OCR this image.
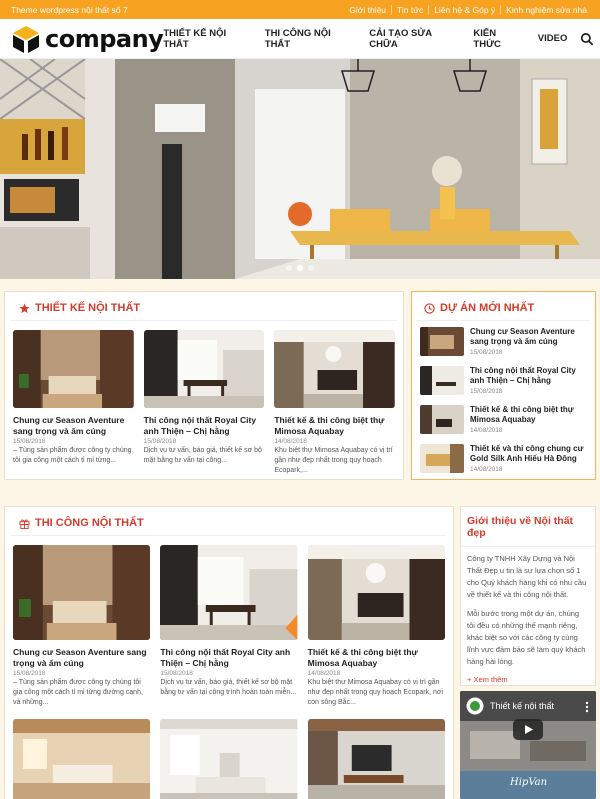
Theme wordpress nội thất số 7	Giới thiệu	Tin tức	Liên hệ & Góp ý	Kinh nghiệm sửa nhà
company THIẾT KẾ NỘI THẤT
THI CÔNG NỘI THẤT
CẢI TẠO SỬA CHỮA
KIẾN THỨC	VIDEO
THIẾT KẾ NỘI THẤT
Chung cư Season Aventure sang trọng và ấm cúng
15/08/2018

– Tùng sản phẩm được công ty chúng tôi gia công một cách tỉ mỉ từng...

Thi công nội thất Royal City anh Thiện – Chị hằng
15/08/2018

Dịch vụ tư vấn, báo giá, thiết kế sơ bộ mặt bằng tư vấn tại công...

Thiết kế & thi công biệt thự Mimosa Aquabay
14/08/2018

Khu biệt thự Mimosa Aquabay có vị trí gần như đẹp nhất trong quy hoạch Ecopark,...

DỰ ÁN MỚI NHẤT
Chung cư Season Aventure sang trọng và ấm cúng
15/08/2018
Thi công nội thất Royal City anh Thiện – Chị hằng
15/08/2018
Thiết kế & thi công biệt thự Mimosa Aquabay
14/08/2018
Thiết kế và thi công chung cư Gold Silk Anh Hiếu Hà Đông
14/08/2018
THI CÔNG NỘI THẤT
Chung cư Season Aventure sang trọng và ấm cúng
15/08/2018

– Tùng sản phẩm được công ty chúng tôi gia công một cách tỉ mỉ từng đường cạnh, và những...

Thi công nội thất Royal City anh Thiện – Chị hằng
15/08/2018

Dịch vụ tư vấn, báo giá, thiết kế sơ bộ mặt bằng tư vấn tại công trình hoàn toàn miễn...

Thiết kế & thi công biệt thự Mimosa Aquabay
14/08/2018

Khu biệt thự Mimosa Aquabay có vị trí gần như đẹp nhất trong quy hoạch Ecopark, nơi con sông Bắc...

Giới thiệu về Nội thất đẹp

Công ty TNHH Xây Dựng và Nội Thất Đẹp u tin là sự lựa chọn số 1 cho Quý khách hàng khi có nhu cầu về thiết kế và thi công nội thất.

Mỗi bước trong một dự án, chúng tôi đều có những thế mạnh riêng, khác biệt so với các công ty cùng lĩnh vực đảm bảo sẽ làm quý khách hàng hài lòng.

+ Xem thêm
Thiết kế nội thất
HipVan
